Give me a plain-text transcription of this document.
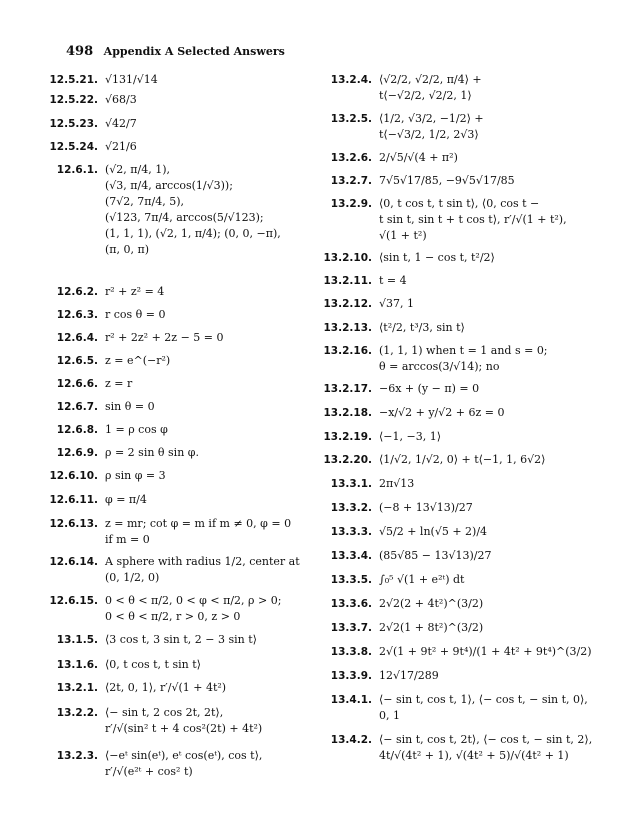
498 Appendix A Selected Answers
12.5.21. √131/√14
12.5.22. √68/3
12.5.23. √42/7
12.5.24. √21/6
12.6.1. (√2, π/4, 1),
(√3, π/4, arccos(1/√3));
(7√2, 7π/4, 5),
(√123, 7π/4, arccos(5/√123);
(1, 1, 1), (√2, 1, π/4); (0, 0, −π),
(π, 0, π)
12.6.2. r² + z² = 4
12.6.3. r cos θ = 0
12.6.4. r² + 2z² + 2z − 5 = 0
12.6.5. z = e^(−r²)
12.6.6. z = r
12.6.7. sin θ = 0
12.6.8. 1 = ρ cos φ
12.6.9. ρ = 2 sin θ sin φ.
12.6.10. ρ sin φ = 3
12.6.11. φ = π/4
12.6.13. z = mr; cot φ = m if m ≠ 0, φ = 0
if m = 0
12.6.14. A sphere with radius 1/2, center at
(0, 1/2, 0)
12.6.15. 0 < θ < π/2, 0 < φ < π/2, ρ > 0;
0 < θ < π/2, r > 0, z > 0
13.1.5. ⟨3 cos t, 3 sin t, 2 − 3 sin t⟩
13.1.6. ⟨0, t cos t, t sin t⟩
13.2.1. ⟨2t, 0, 1⟩, r′/√(1 + 4t²)
13.2.2. ⟨− sin t, 2 cos 2t, 2t⟩,
r′/√(sin² t + 4 cos²(2t) + 4t²)
13.2.3. ⟨−eᵗ sin(eᵗ), eᵗ cos(eᵗ), cos t⟩,
r′/√(e²ᵗ + cos² t)
13.2.4. ⟨√2/2, √2/2, π/4⟩ +
t⟨−√2/2, √2/2, 1⟩
13.2.5. ⟨1/2, √3/2, −1/2⟩ +
t⟨−√3/2, 1/2, 2√3⟩
13.2.6. 2/√5/√(4 + π²)
13.2.7. 7√5√17/85, −9√5√17/85
13.2.9. ⟨0, t cos t, t sin t⟩, ⟨0, cos t −
t sin t, sin t + t cos t⟩, r′/√(1 + t²),
√(1 + t²)
13.2.10. ⟨sin t, 1 − cos t, t²/2⟩
13.2.11. t = 4
13.2.12. √37, 1
13.2.13. ⟨t²/2, t³/3, sin t⟩
13.2.16. (1, 1, 1) when t = 1 and s = 0;
θ = arccos(3/√14); no
13.2.17. −6x + (y − π) = 0
13.2.18. −x/√2 + y/√2 + 6z = 0
13.2.19. ⟨−1, −3, 1⟩
13.2.20. ⟨1/√2, 1/√2, 0⟩ + t⟨−1, 1, 6√2⟩
13.3.1. 2π√13
13.3.2. (−8 + 13√13)/27
13.3.3. √5/2 + ln(√5 + 2)/4
13.3.4. (85√85 − 13√13)/27
13.3.5. ∫₀⁵ √(1 + e²ᵗ) dt
13.3.6. 2√2(2 + 4t²)^(3/2)
13.3.7. 2√2(1 + 8t²)^(3/2)
13.3.8. 2√(1 + 9t² + 9t⁴)/(1 + 4t² + 9t⁴)^(3/2)
13.3.9. 12√17/289
13.4.1. ⟨− sin t, cos t, 1⟩, ⟨− cos t, − sin t, 0⟩,
0, 1
13.4.2. ⟨− sin t, cos t, 2t⟩, ⟨− cos t, − sin t, 2⟩,
4t/√(4t² + 1), √(4t² + 5)/√(4t² + 1)
